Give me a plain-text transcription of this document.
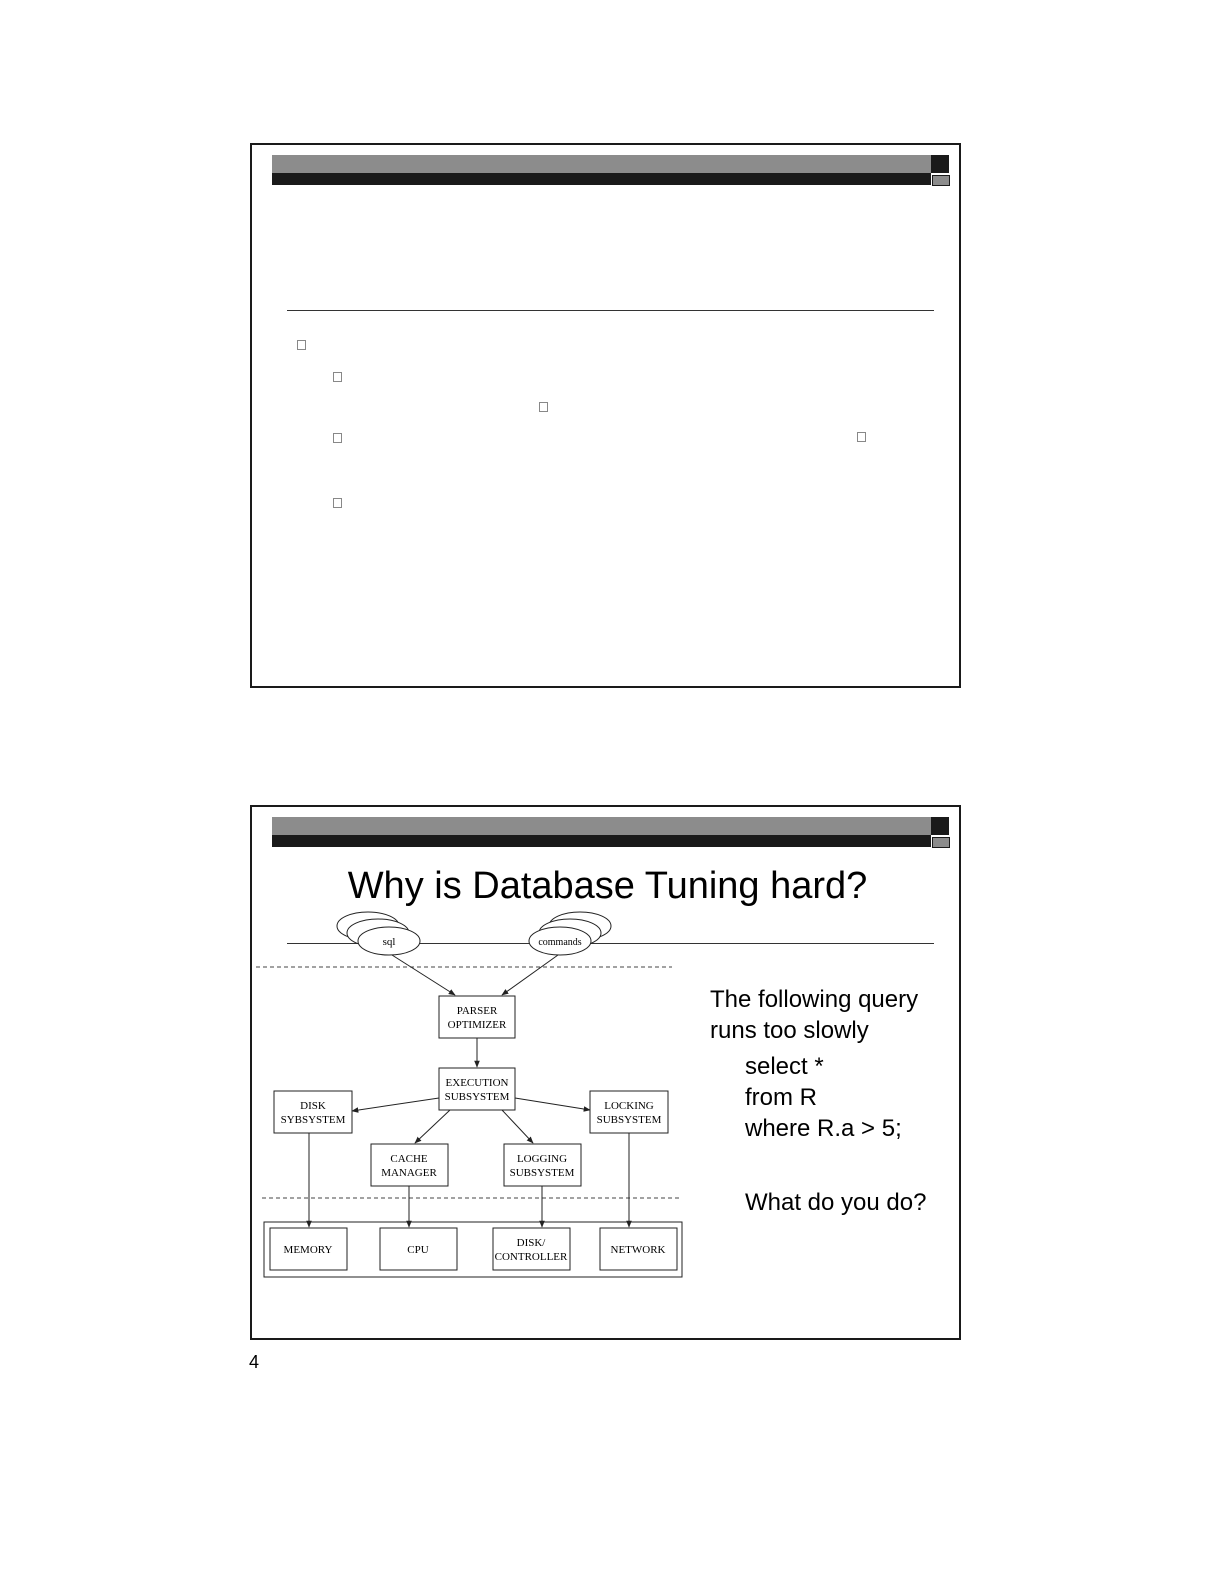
Why is Database Tuning hard?
sql	commands
PARSER
OPTIMIZER
EXECUTION
SUBSYSTEM
DISK
SYBSYSTEM
LOCKING
SUBSYSTEM
CACHE
MANAGER
LOGGING
SUBSYSTEM
MEMORY	CPU
DISK/
CONTROLLER
NETWORK
The following query
runs too slowly
select *
from R
where R.a > 5;
What do you do?
4
